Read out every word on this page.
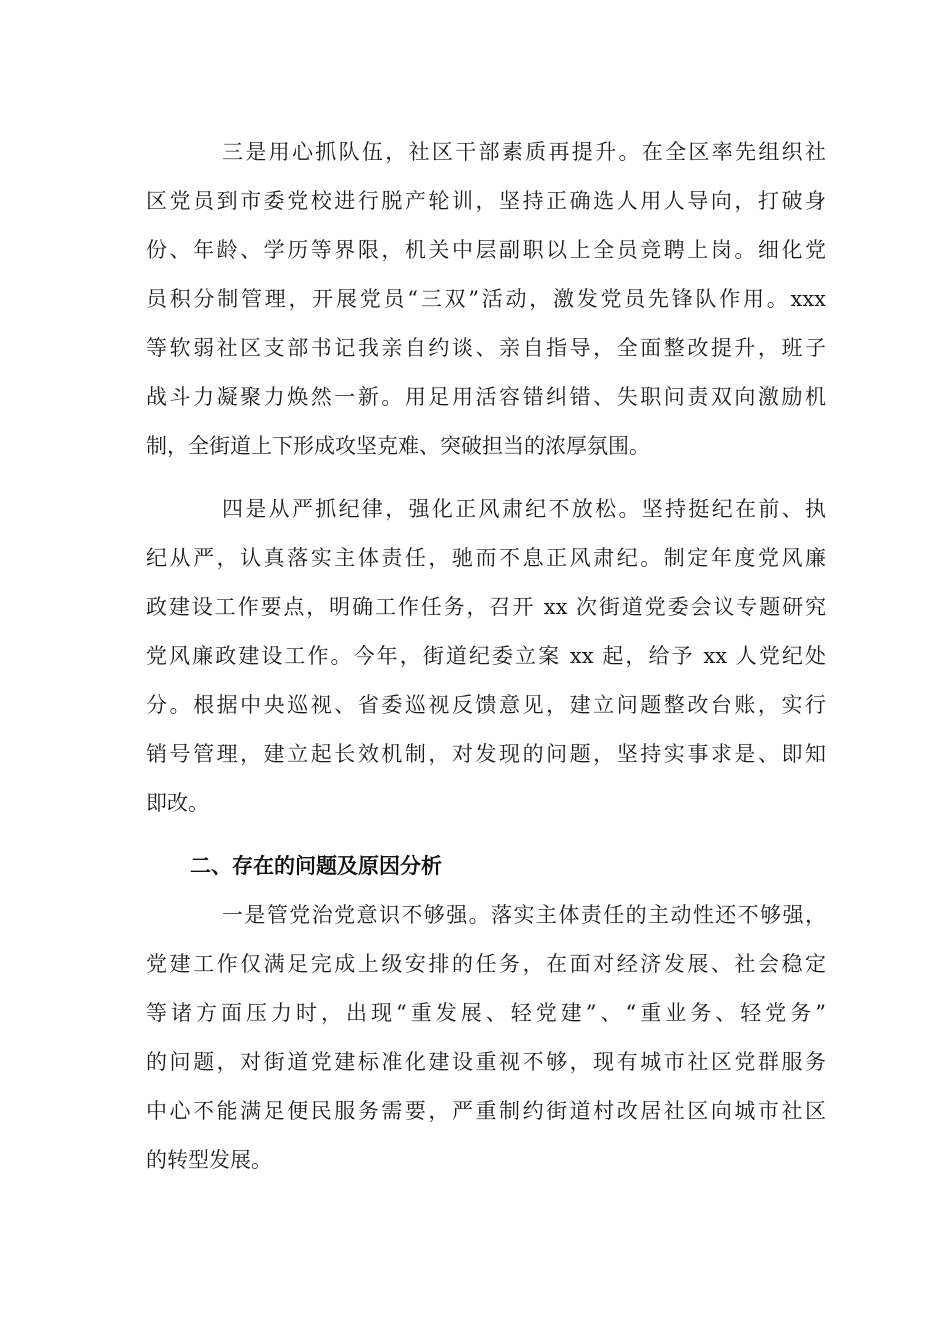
三是用心抓队伍，社区干部素质再提升。在全区率先组织社
区党员到市委党校进行脱产轮训，坚持正确选人用人导向，打破身
份、年龄、学历等界限，机关中层副职以上全员竞聘上岗。细化党
员积分制管理，开展党员“三双”活动，激发党员先锋队作用。xxx
等软弱社区支部书记我亲自约谈、亲自指导，全面整改提升，班子
战斗力凝聚力焕然一新。用足用活容错纠错、失职问责双向激励机
制，全街道上下形成攻坚克难、突破担当的浓厚氛围。
四是从严抓纪律，强化正风肃纪不放松。坚持挺纪在前、执
纪从严，认真落实主体责任，驰而不息正风肃纪。制定年度党风廉
政建设工作要点，明确工作任务，召开 xx 次街道党委会议专题研究
党风廉政建设工作。今年，街道纪委立案 xx 起，给予 xx 人党纪处
分。根据中央巡视、省委巡视反馈意见，建立问题整改台账，实行
销号管理，建立起长效机制，对发现的问题，坚持实事求是、即知
即改。
二、存在的问题及原因分析
一是管党治党意识不够强。落实主体责任的主动性还不够强，
党建工作仅满足完成上级安排的任务，在面对经济发展、社会稳定
等诸方面压力时，出现“重发展、轻党建”、“重业务、轻党务”
的问题，对街道党建标准化建设重视不够，现有城市社区党群服务
中心不能满足便民服务需要，严重制约街道村改居社区向城市社区
的转型发展。
